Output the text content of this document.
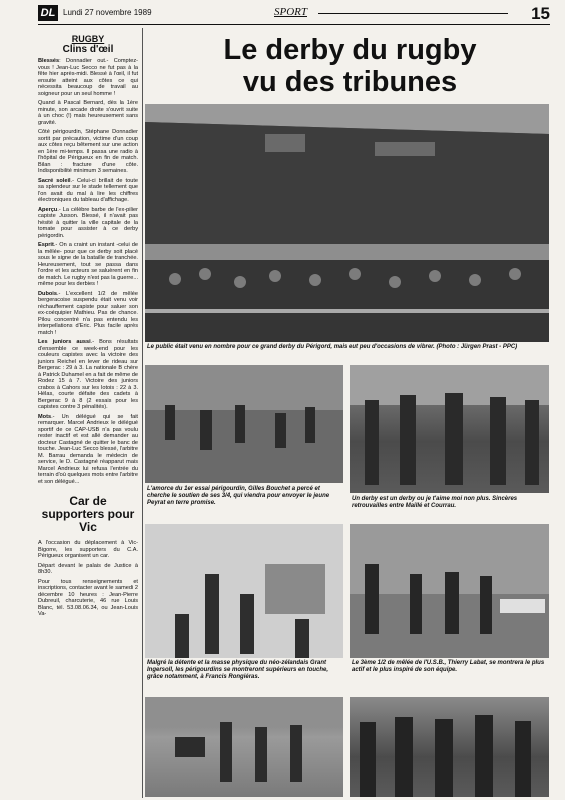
DL Lundi 27 novembre 1989	SPORT	15
RUGBY
Clins d'œil

Blessés: Donnadier out.- Comptez-vous ! Jean-Luc Secco ne fut pas à la fête hier après-midi. Blessé à l'œil, il fut ensuite atteint aux côtes ce qui nécessita beaucoup de travail au soigneur pour un seul homme !

Quand à Pascal Bernard, dès la 1ère minute, son arcade droite s'ouvrit suite à un choc (!) mais heureusement sans gravité.

Côté périgourdin, Stéphane Donnadier sortit par précaution, victime d'un coup aux côtes reçu bêtement sur une action en 1ère mi-temps. Il passa une radio à l'hôpital de Périgueux en fin de match. Bilan : fracture d'une côte. Indisponibilité minimum 3 semaines.

Sacré soleil.- Celui-ci brillait de toute sa splendeur sur le stade tellement que l'on avait du mal à lire les chiffres électroniques du tableau d'affichage.

Aperçu.- La célèbre barbe de l'ex-pilier capiste Jusson. Blessé, il n'avait pas hésité à quitter la ville capitale de la tomate pour assister à ce derby périgordin.

Esprit.- On a craint un instant -celui de la mêlée- pour que ce derby soit placé sous le signe de la bataille de tranchée. Heureusement, tout se passa dans l'ordre et les acteurs se saluèrent en fin de match. Le rugby n'est pas la guerre... même pour les derbies !

Dubois.- L'excellent 1/2 de mêlée bergeracoise suspendu était venu voir réchauffement capiste pour saluer son ex-coéquipier Mathieu. Pas de chance. Pilou concentré n'a pas entendu les interpellations d'Eric. Plus facile après match !

Les juniors aussi.- Bons résultats d'ensemble ce week-end pour les couleurs capistes avec la victoire des juniors Reichel en lever de rideau sur Bergerac : 29 à 3. La nationale B chère à Patrick Duhamel en a fait de même de Rodez 15 à 7. Victoire des juniors crabos à Cahors sur les lotois : 22 à 3. Hélas, courte défaite des cadets à Bergerac 9 à 8 (2 essais pour les capistes contre 3 pénalités).

Mots.- Un délégué qui se fait remarquer. Marcel Andrieux le délégué sportif de ce CAP-USB n'a pas voulu rester inactif et est allé demander au docteur Castagné de quitter le banc de touche. Jean-Luc Secco blessé, l'arbitre M. Barrau demanda le médecin de service, le D. Castagné réapparut mais Marcel Andrieux lui refusa l'entrée du terrain d'où quelques mots entre l'arbitre et son délégué...

Car de supporters pour Vic

A l'occasion du déplacement à Vic-Bigorre, les supporters du C.A. Périgueux organisent un car.

Départ devant le palais de Justice à 8h30.

Pour tous renseignements et inscriptions, contacter avant le samedi 2 décembre 10 heures : Jean-Pierre Dubreuil, charcuterie, 46 rue Louis Blanc, tél. 53.08.06.34, ou Jean-Louis Va-

Le derby du rugby
vu des tribunes
Le public était venu en nombre pour ce grand derby du Périgord, mais eut peu d'occasions de vibrer. (Photo : Jürgen Prast - PPC)
L'amorce du 1er essai périgourdin, Gilles Bouchet a percé et cherche le soutien de ses 3/4, qui viendra pour envoyer le jeune Peyrat en terre promise.
Un derby est un derby ou je t'aime moi non plus. Sincères retrouvailles entre Maillé et Courrau.
Malgré la détente et la masse physique du néo-zélandais Grant Ingersoll, les périgourdins se montreront supérieurs en touche, grâce notamment, à Francis Rongiéras.
Le 3ème 1/2 de mêlée de l'U.S.B., Thierry Labat, se montrera le plus actif et le plus inspiré de son équipe.
